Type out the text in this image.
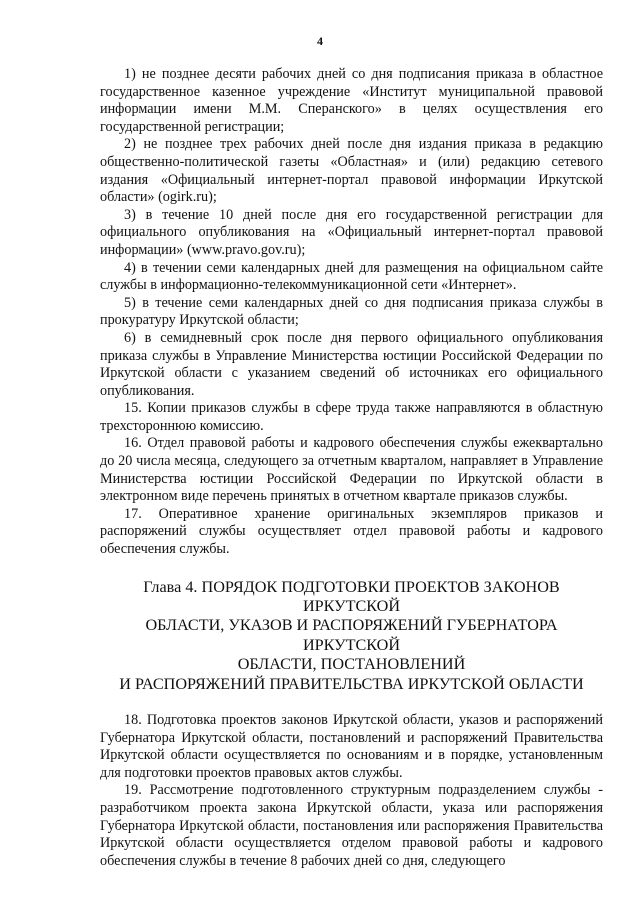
4

1) не позднее десяти рабочих дней со дня подписания приказа в областное государственное казенное учреждение «Институт муниципальной правовой информации имени М.М. Сперанского» в целях осуществления его государственной регистрации;

2) не позднее трех рабочих дней после дня издания приказа в редакцию общественно-политической газеты «Областная» и (или) редакцию сетевого издания «Официальный интернет-портал правовой информации Иркутской области» (ogirk.ru);

3) в течение 10 дней после дня его государственной регистрации для официального опубликования на «Официальный интернет-портал правовой информации» (www.pravo.gov.ru);

4) в течении семи календарных дней для размещения на официальном сайте службы в информационно-телекоммуникационной сети «Интернет».

5) в течение семи календарных дней со дня подписания приказа службы в прокуратуру Иркутской области;

6) в семидневный срок после дня первого официального опубликования приказа службы в Управление Министерства юстиции Российской Федерации по Иркутской области с указанием сведений об источниках его официального опубликования.

15. Копии приказов службы в сфере труда также направляются в областную трехстороннюю комиссию.

16. Отдел правовой работы и кадрового обеспечения службы ежеквартально до 20 числа месяца, следующего за отчетным кварталом, направляет в Управление Министерства юстиции Российской Федерации по Иркутской области в электронном виде перечень принятых в отчетном квартале приказов службы.

17. Оперативное хранение оригинальных экземпляров приказов и распоряжений службы осуществляет отдел правовой работы и кадрового обеспечения службы.

Глава 4. ПОРЯДОК ПОДГОТОВКИ ПРОЕКТОВ ЗАКОНОВ ИРКУТСКОЙ
ОБЛАСТИ, УКАЗОВ И РАСПОРЯЖЕНИЙ ГУБЕРНАТОРА ИРКУТСКОЙ
ОБЛАСТИ, ПОСТАНОВЛЕНИЙ
И РАСПОРЯЖЕНИЙ ПРАВИТЕЛЬСТВА ИРКУТСКОЙ ОБЛАСТИ

18. Подготовка проектов законов Иркутской области, указов и распоряжений Губернатора Иркутской области, постановлений и распоряжений Правительства Иркутской области осуществляется по основаниям и в порядке, установленным для подготовки проектов правовых актов службы.

19. Рассмотрение подготовленного структурным подразделением службы - разработчиком проекта закона Иркутской области, указа или распоряжения Губернатора Иркутской области, постановления или распоряжения Правительства Иркутской области осуществляется отделом правовой работы и кадрового обеспечения службы в течение 8 рабочих дней со дня, следующего
